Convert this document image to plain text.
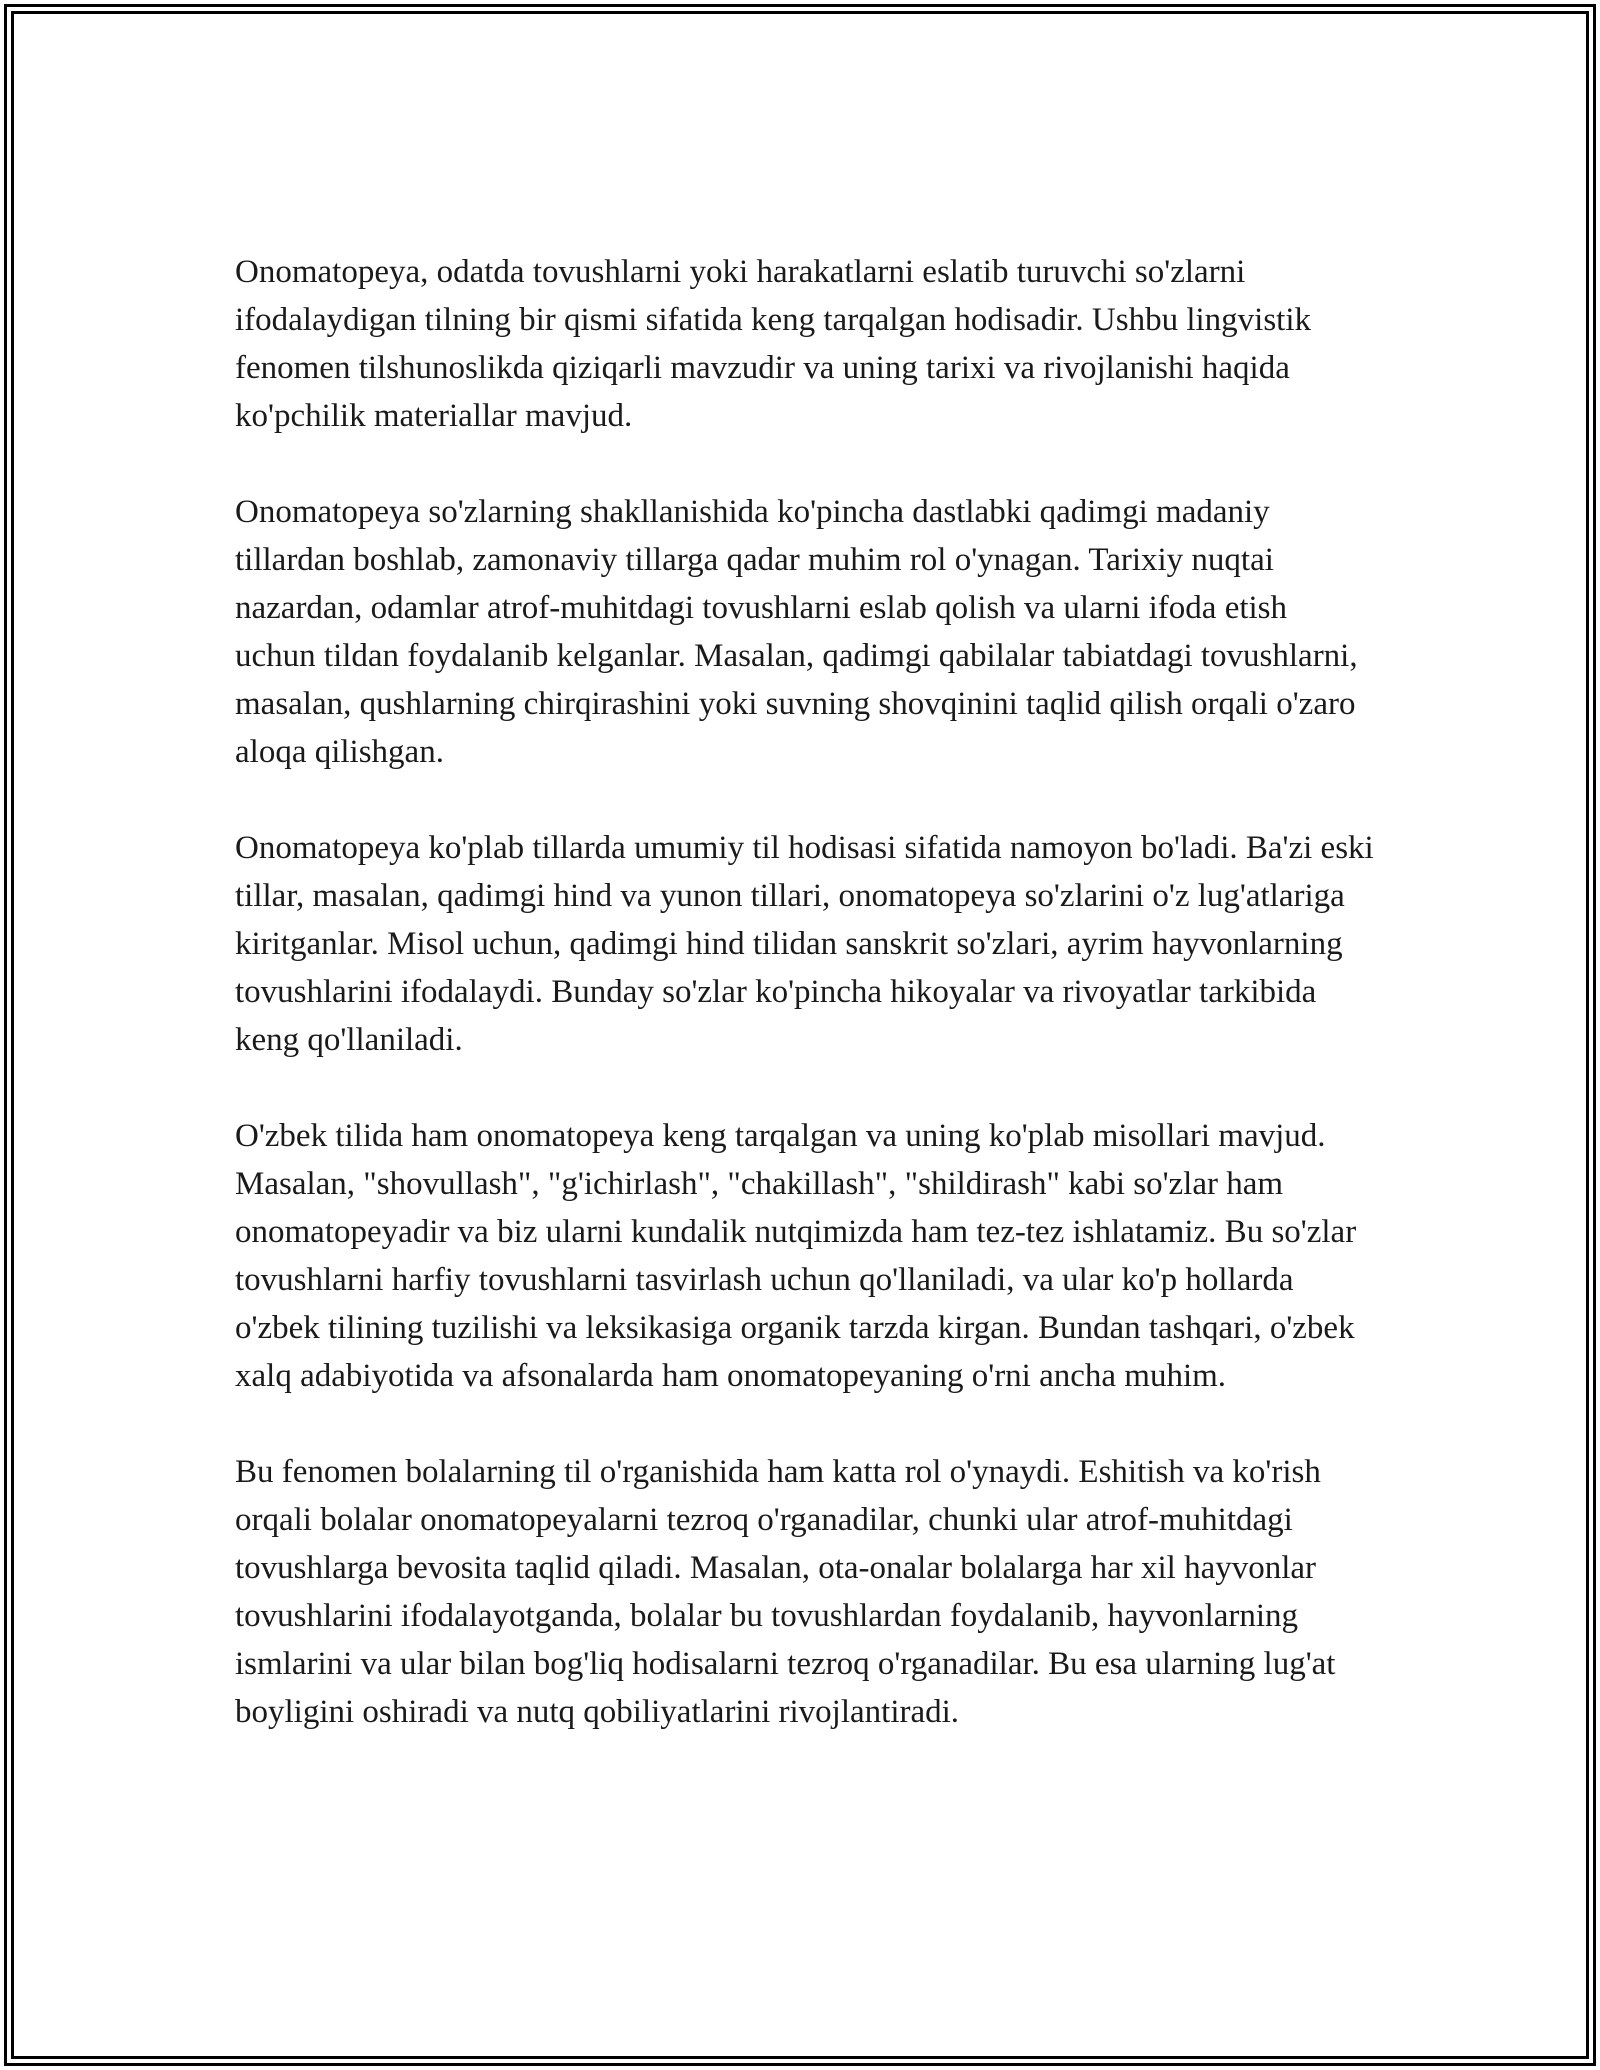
Onomatopeya, odatda tovushlarni yoki harakatlarni eslatib turuvchi so'zlarni ifodalaydigan tilning bir qismi sifatida keng tarqalgan hodisadir. Ushbu lingvistik fenomen tilshunoslikda qiziqarli mavzudir va uning tarixi va rivojlanishi haqida ko'pchilik materiallar mavjud.

Onomatopeya so'zlarning shakllanishida ko'pincha dastlabki qadimgi madaniy tillardan boshlab, zamonaviy tillarga qadar muhim rol o'ynagan. Tarixiy nuqtai nazardan, odamlar atrof-muhitdagi tovushlarni eslab qolish va ularni ifoda etish uchun tildan foydalanib kelganlar. Masalan, qadimgi qabilalar tabiatdagi tovushlarni, masalan, qushlarning chirqirashini yoki suvning shovqinini taqlid qilish orqali o'zaro aloqa qilishgan.

Onomatopeya ko'plab tillarda umumiy til hodisasi sifatida namoyon bo'ladi. Ba'zi eski tillar, masalan, qadimgi hind va yunon tillari, onomatopeya so'zlarini o'z lug'atlariga kiritganlar. Misol uchun, qadimgi hind tilidan sanskrit so'zlari, ayrim hayvonlarning tovushlarini ifodalaydi. Bunday so'zlar ko'pincha hikoyalar va rivoyatlar tarkibida keng qo'llaniladi.

O'zbek tilida ham onomatopeya keng tarqalgan va uning ko'plab misollari mavjud. Masalan, "shovullash", "g'ichirlash", "chakillash", "shildirash" kabi so'zlar ham onomatopeyadir va biz ularni kundalik nutqimizda ham tez-tez ishlatamiz. Bu so'zlar tovushlarni harfiy tovushlarni tasvirlash uchun qo'llaniladi, va ular ko'p hollarda o'zbek tilining tuzilishi va leksikasiga organik tarzda kirgan. Bundan tashqari, o'zbek xalq adabiyotida va afsonalarda ham onomatopeyaning o'rni ancha muhim.

Bu fenomen bolalarning til o'rganishida ham katta rol o'ynaydi. Eshitish va ko'rish orqali bolalar onomatopeyalarni tezroq o'rganadilar, chunki ular atrof-muhitdagi tovushlarga bevosita taqlid qiladi. Masalan, ota-onalar bolalarga har xil hayvonlar tovushlarini ifodalayotganda, bolalar bu tovushlardan foydalanib, hayvonlarning ismlarini va ular bilan bog'liq hodisalarni tezroq o'rganadilar. Bu esa ularning lug'at boyligini oshiradi va nutq qobiliyatlarini rivojlantiradi.
